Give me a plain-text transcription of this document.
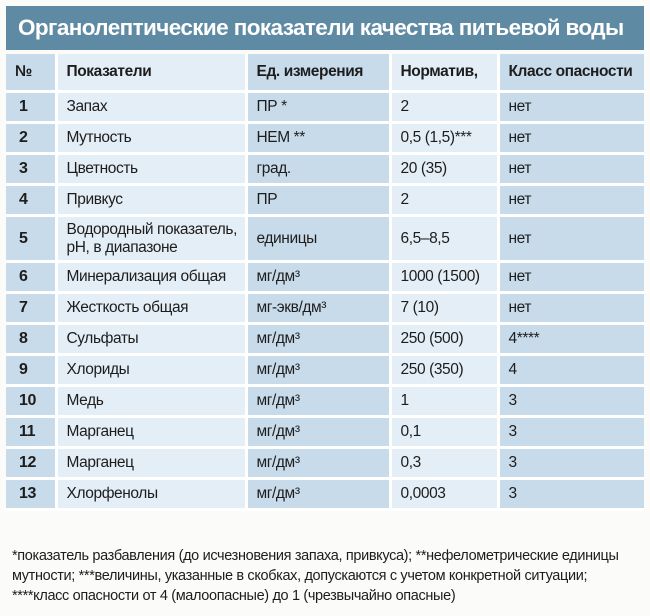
Органолептические показатели качества питьевой воды
№	Показатели	Ед. измерения	Норматив,	Класс опасности
1	Запах	ПР *	2	нет
2	Мутность	НЕМ **	0,5 (1,5)***	нет
3	Цветность	град.	20 (35)	нет
4	Привкус	ПР	2	нет
5	Водородный показатель, pH, в диапазоне	единицы	6,5–8,5	нет
6	Минерализация общая	мг/дм³	1000 (1500)	нет
7	Жесткость общая	мг-экв/дм³	7 (10)	нет
8	Сульфаты	мг/дм³	250 (500)	4****
9	Хлориды	мг/дм³	250 (350)	4
10	Медь	мг/дм³	1	3
11	Марганец	мг/дм³	0,1	3
12	Марганец	мг/дм³	0,3	3
13	Хлорфенолы	мг/дм³	0,0003	3
*показатель разбавления (до исчезновения запаха, привкуса); **нефелометрические единицы мутности; ***величины, указанные в скобках, допускаются с учетом конкретной ситуации; ****класс опасности от 4 (малоопасные) до 1 (чрезвычайно опасные)
